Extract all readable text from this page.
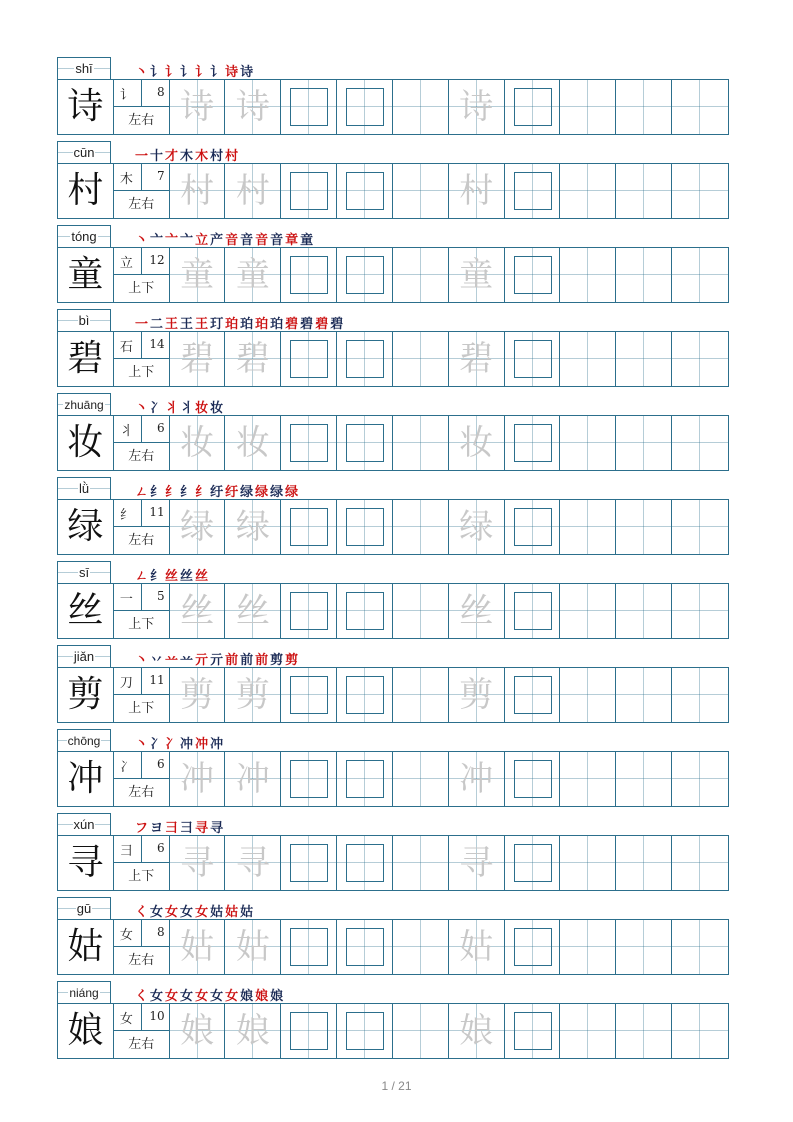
shī	丶讠讠讠讠讠诗诗
诗	讠 8
左右 诗 诗	诗
cūn	一十才木木村村
村	木 7
左右 村 村	村
tóng	丶亠亠亠立产音音音音章童
童	立 12
上下 童 童	童
bì	一二王王王玎珀珀珀珀碧碧碧碧
碧	石 14
上下 碧 碧	碧
zhuāng	丶冫丬丬妆妆
妆	丬 6
左右 妆 妆	妆
lǜ	ㄥ纟纟纟纟纡纡绿绿绿绿
绿	纟 11
左右 绿 绿	绿
sī	ㄥ纟丝丝丝
丝	一 5
上下 丝 丝	丝
jiǎn	丶丷䒑䒑亓亓前前前剪剪
剪	刀 11
上下 剪 剪	剪
chōng	丶冫冫冲冲冲
冲	冫 6
左右 冲 冲	冲
xún	フヨ彐彐寻寻
寻	彐 6
上下 寻 寻	寻
gū	く女女女女姑姑姑
姑	女 8
左右 姑 姑	姑
niáng	く女女女女女女娘娘娘
娘	女 10
左右 娘 娘	娘
1 / 21
